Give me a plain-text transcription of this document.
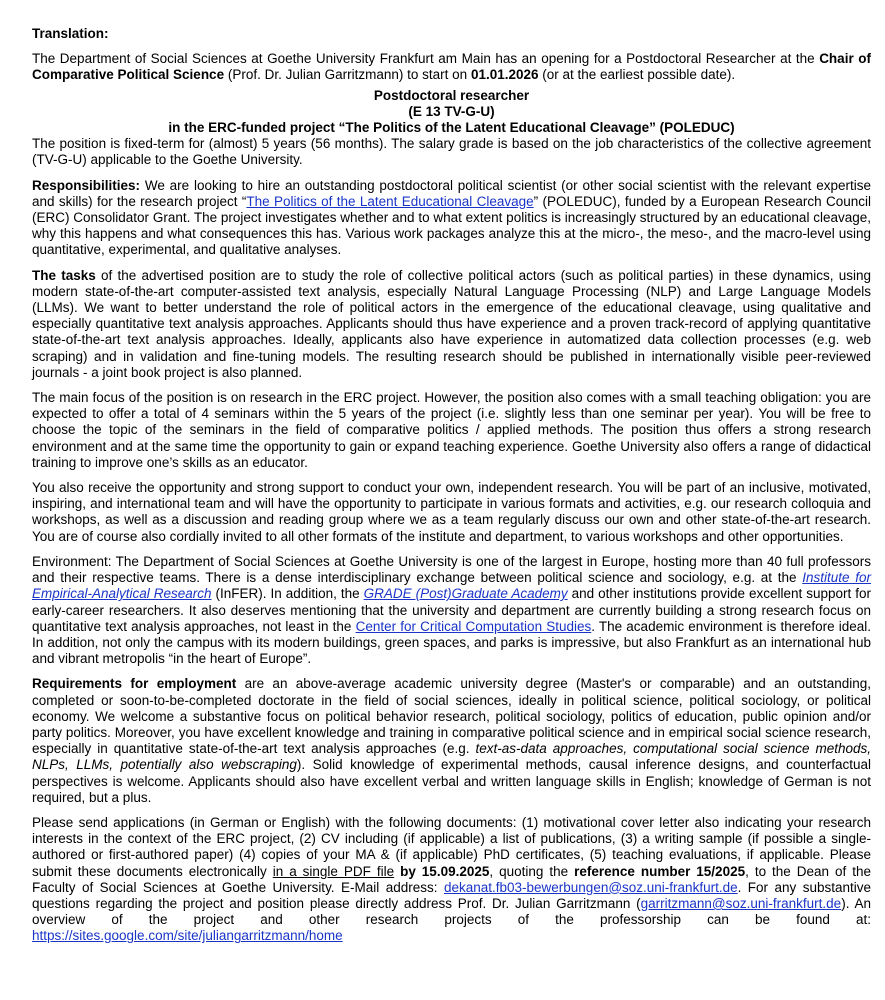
Translation:

The Department of Social Sciences at Goethe University Frankfurt am Main has an opening for a Postdoctoral Researcher at the Chair of Comparative Political Science (Prof. Dr. Julian Garritzmann) to start on 01.01.2026 (or at the earliest possible date).

Postdoctoral researcher
(E 13 TV-G-U)
in the ERC-funded project “The Politics of the Latent Educational Cleavage” (POLEDUC)

The position is fixed-term for (almost) 5 years (56 months). The salary grade is based on the job characteristics of the collective agreement (TV-G-U) applicable to the Goethe University.

Responsibilities: We are looking to hire an outstanding postdoctoral political scientist (or other social scientist with the relevant expertise and skills) for the research project “The Politics of the Latent Educational Cleavage” (POLEDUC), funded by a European Research Council (ERC) Consolidator Grant. The project investigates whether and to what extent politics is increasingly structured by an educational cleavage, why this happens and what consequences this has. Various work packages analyze this at the micro-, the meso-, and the macro-level using quantitative, experimental, and qualitative analyses.

The tasks of the advertised position are to study the role of collective political actors (such as political parties) in these dynamics, using modern state-of-the-art computer-assisted text analysis, especially Natural Language Processing (NLP) and Large Language Models (LLMs). We want to better understand the role of political actors in the emergence of the educational cleavage, using qualitative and especially quantitative text analysis approaches. Applicants should thus have experience and a proven track-record of applying quantitative state-of-the-art text analysis approaches. Ideally, applicants also have experience in automatized data collection processes (e.g. web scraping) and in validation and fine-tuning models. The resulting research should be published in internationally visible peer-reviewed journals - a joint book project is also planned.

The main focus of the position is on research in the ERC project. However, the position also comes with a small teaching obligation: you are expected to offer a total of 4 seminars within the 5 years of the project (i.e. slightly less than one seminar per year). You will be free to choose the topic of the seminars in the field of comparative politics / applied methods. The position thus offers a strong research environment and at the same time the opportunity to gain or expand teaching experience. Goethe University also offers a range of didactical training to improve one’s skills as an educator.

You also receive the opportunity and strong support to conduct your own, independent research. You will be part of an inclusive, motivated, inspiring, and international team and will have the opportunity to participate in various formats and activities, e.g. our research colloquia and workshops, as well as a discussion and reading group where we as a team regularly discuss our own and other state-of-the-art research. You are of course also cordially invited to all other formats of the institute and department, to various workshops and other opportunities.

Environment: The Department of Social Sciences at Goethe University is one of the largest in Europe, hosting more than 40 full professors and their respective teams. There is a dense interdisciplinary exchange between political science and sociology, e.g. at the Institute for Empirical-Analytical Research (InFER). In addition, the GRADE (Post)Graduate Academy and other institutions provide excellent support for early-career researchers. It also deserves mentioning that the university and department are currently building a strong research focus on quantitative text analysis approaches, not least in the Center for Critical Computation Studies. The academic environment is therefore ideal. In addition, not only the campus with its modern buildings, green spaces, and parks is impressive, but also Frankfurt as an international hub and vibrant metropolis “in the heart of Europe”.

Requirements for employment are an above-average academic university degree (Master's or comparable) and an outstanding, completed or soon-to-be-completed doctorate in the field of social sciences, ideally in political science, political sociology, or political economy. We welcome a substantive focus on political behavior research, political sociology, politics of education, public opinion and/or party politics. Moreover, you have excellent knowledge and training in comparative political science and in empirical social science research, especially in quantitative state-of-the-art text analysis approaches (e.g. text-as-data approaches, computational social science methods, NLPs, LLMs, potentially also webscraping). Solid knowledge of experimental methods, causal inference designs, and counterfactual perspectives is welcome. Applicants should also have excellent verbal and written language skills in English; knowledge of German is not required, but a plus.

Please send applications (in German or English) with the following documents: (1) motivational cover letter also indicating your research interests in the context of the ERC project, (2) CV including (if applicable) a list of publications, (3) a writing sample (if possible a single-authored or first-authored paper) (4) copies of your MA & (if applicable) PhD certificates, (5) teaching evaluations, if applicable. Please submit these documents electronically in a single PDF file by 15.09.2025, quoting the reference number 15/2025, to the Dean of the Faculty of Social Sciences at Goethe University. E-Mail address: dekanat.fb03-bewerbungen@soz.uni-frankfurt.de. For any substantive questions regarding the project and position please directly address Prof. Dr. Julian Garritzmann (garritzmann@soz.uni-frankfurt.de). An overview of the project and other research projects of the professorship can be found at: https://sites.google.com/site/juliangarritzmann/home
